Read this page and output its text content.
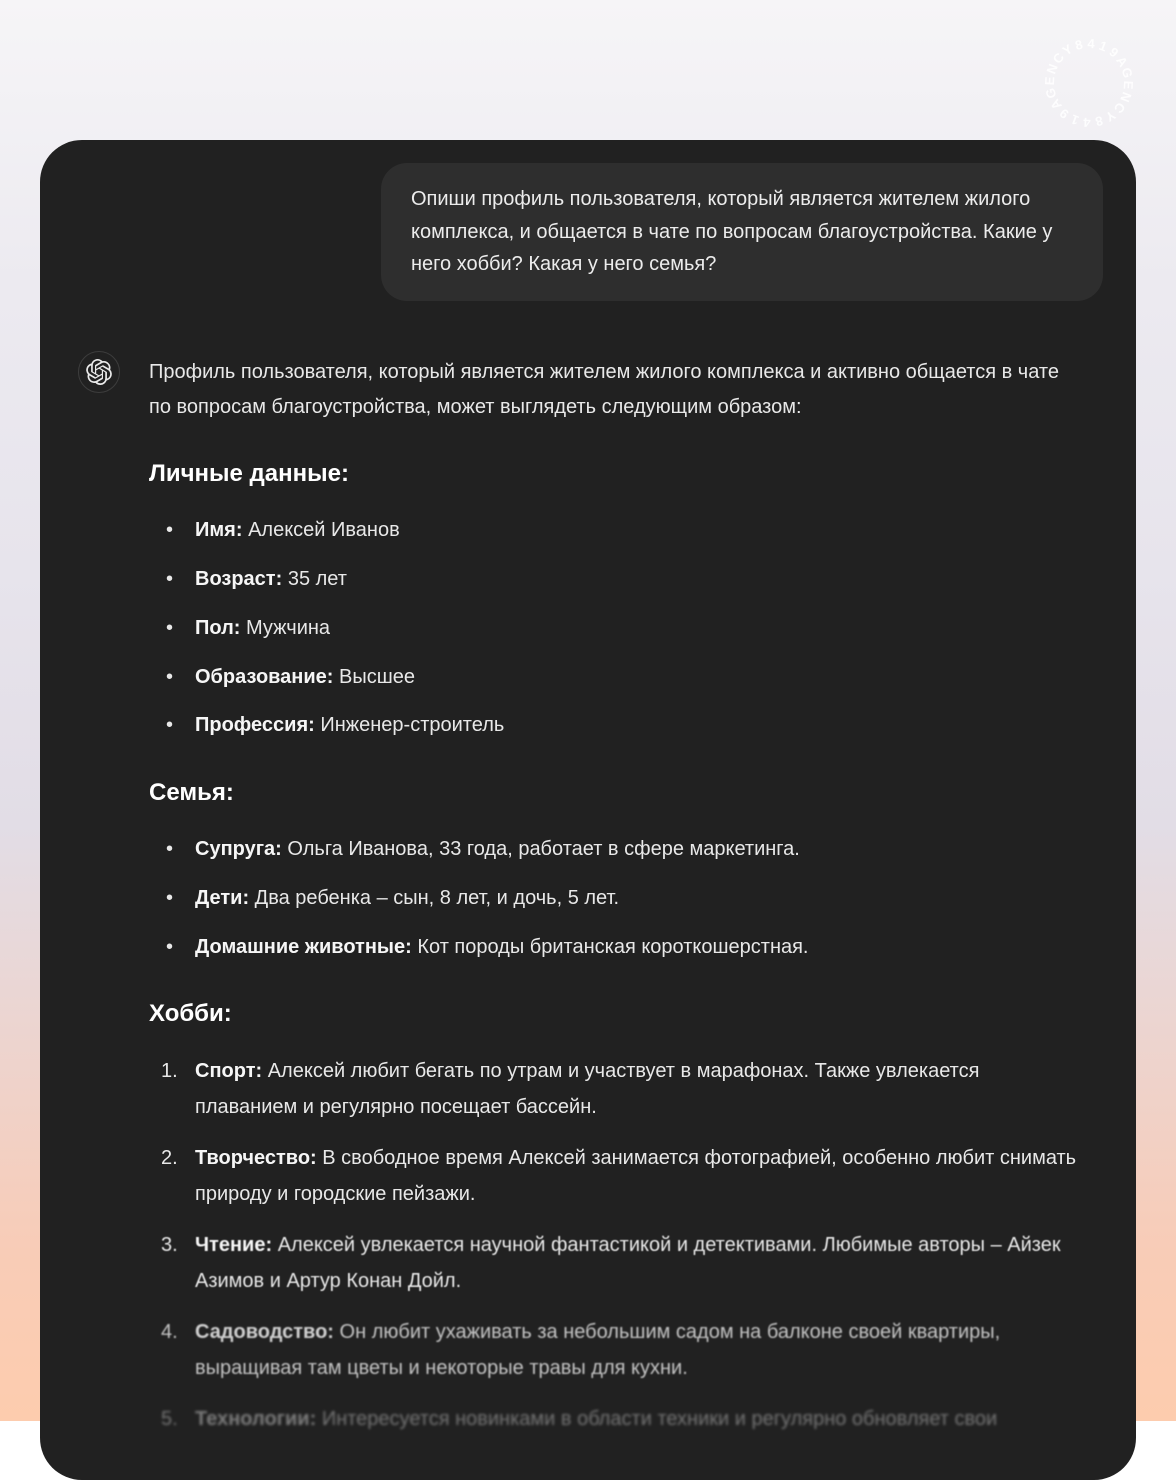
1
9
A
G
E
N
C
Y
8 4 1
9
A
G
E
N
C
Y
8
4
Опиши профиль пользователя, который является жителем жилого комплекса, и общается в чате по вопросам благоустройства. Какие у него хобби? Какая у него семья?

Профиль пользователя, который является жителем жилого комплекса и активно общается в чате по вопросам благоустройства, может выглядеть следующим образом:

Личные данные:
• Имя: Алексей Иванов
• Возраст: 35 лет
• Пол: Мужчина
• Образование: Высшее
• Профессия: Инженер-строитель
Семья:
• Супруга: Ольга Иванова, 33 года, работает в сфере маркетинга.
• Дети: Два ребенка – сын, 8 лет, и дочь, 5 лет.
• Домашние животные: Кот породы британская короткошерстная.
Хобби:
Спорт: Алексей любит бегать по утрам и участвует в марафонах. Также увлекается плаванием и регулярно посещает бассейн.
Творчество: В свободное время Алексей занимается фотографией, особенно любит снимать природу и городские пейзажи.
Чтение: Алексей увлекается научной фантастикой и детективами. Любимые авторы – Айзек Азимов и Артур Конан Дойл.
Садоводство: Он любит ухаживать за небольшим садом на балконе своей квартиры, выращивая там цветы и некоторые травы для кухни.
Технологии: Интересуется новинками в области техники и регулярно обновляет свои
